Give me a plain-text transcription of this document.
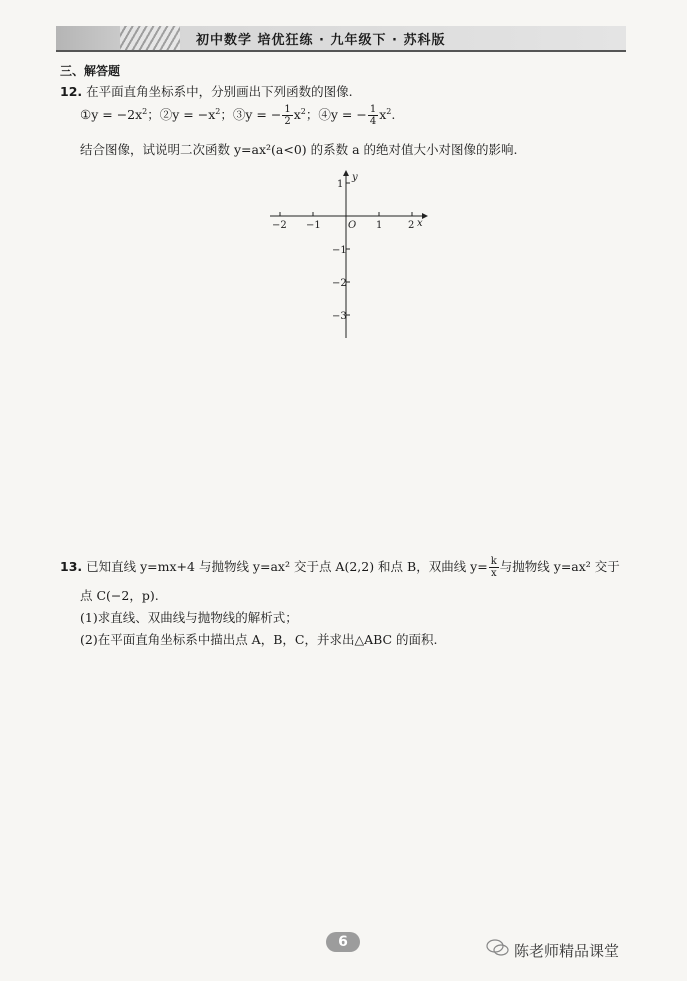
初中数学 培优狂练 · 九年级下 · 苏科版
三、解答题
12. 在平面直角坐标系中，分别画出下列函数的图像.
①y = $-2x^2$；②y = $-x^2$；③y = − $\frac{1}{2} x^2$；④y = − $\frac{1}{4} x^2$.
结合图像，试说明二次函数 y=ax²(a<0) 的系数 a 的绝对值大小对图像的影响.
−2 −1	1	2 x
y
1
−1
−2
−3
O
13. 已知直线 y=mx+4 与抛物线 y=ax² 交于点 A(2,2) 和点 B，双曲线 $y= \frac{k}{x}$ 与抛物线 y=ax² 交于
点 C(−2，p).
(1)求直线、双曲线与抛物线的解析式；
(2)在平面直角坐标系中描出点 A，B，C，并求出△ABC 的面积.
6	陈老师精品课堂
